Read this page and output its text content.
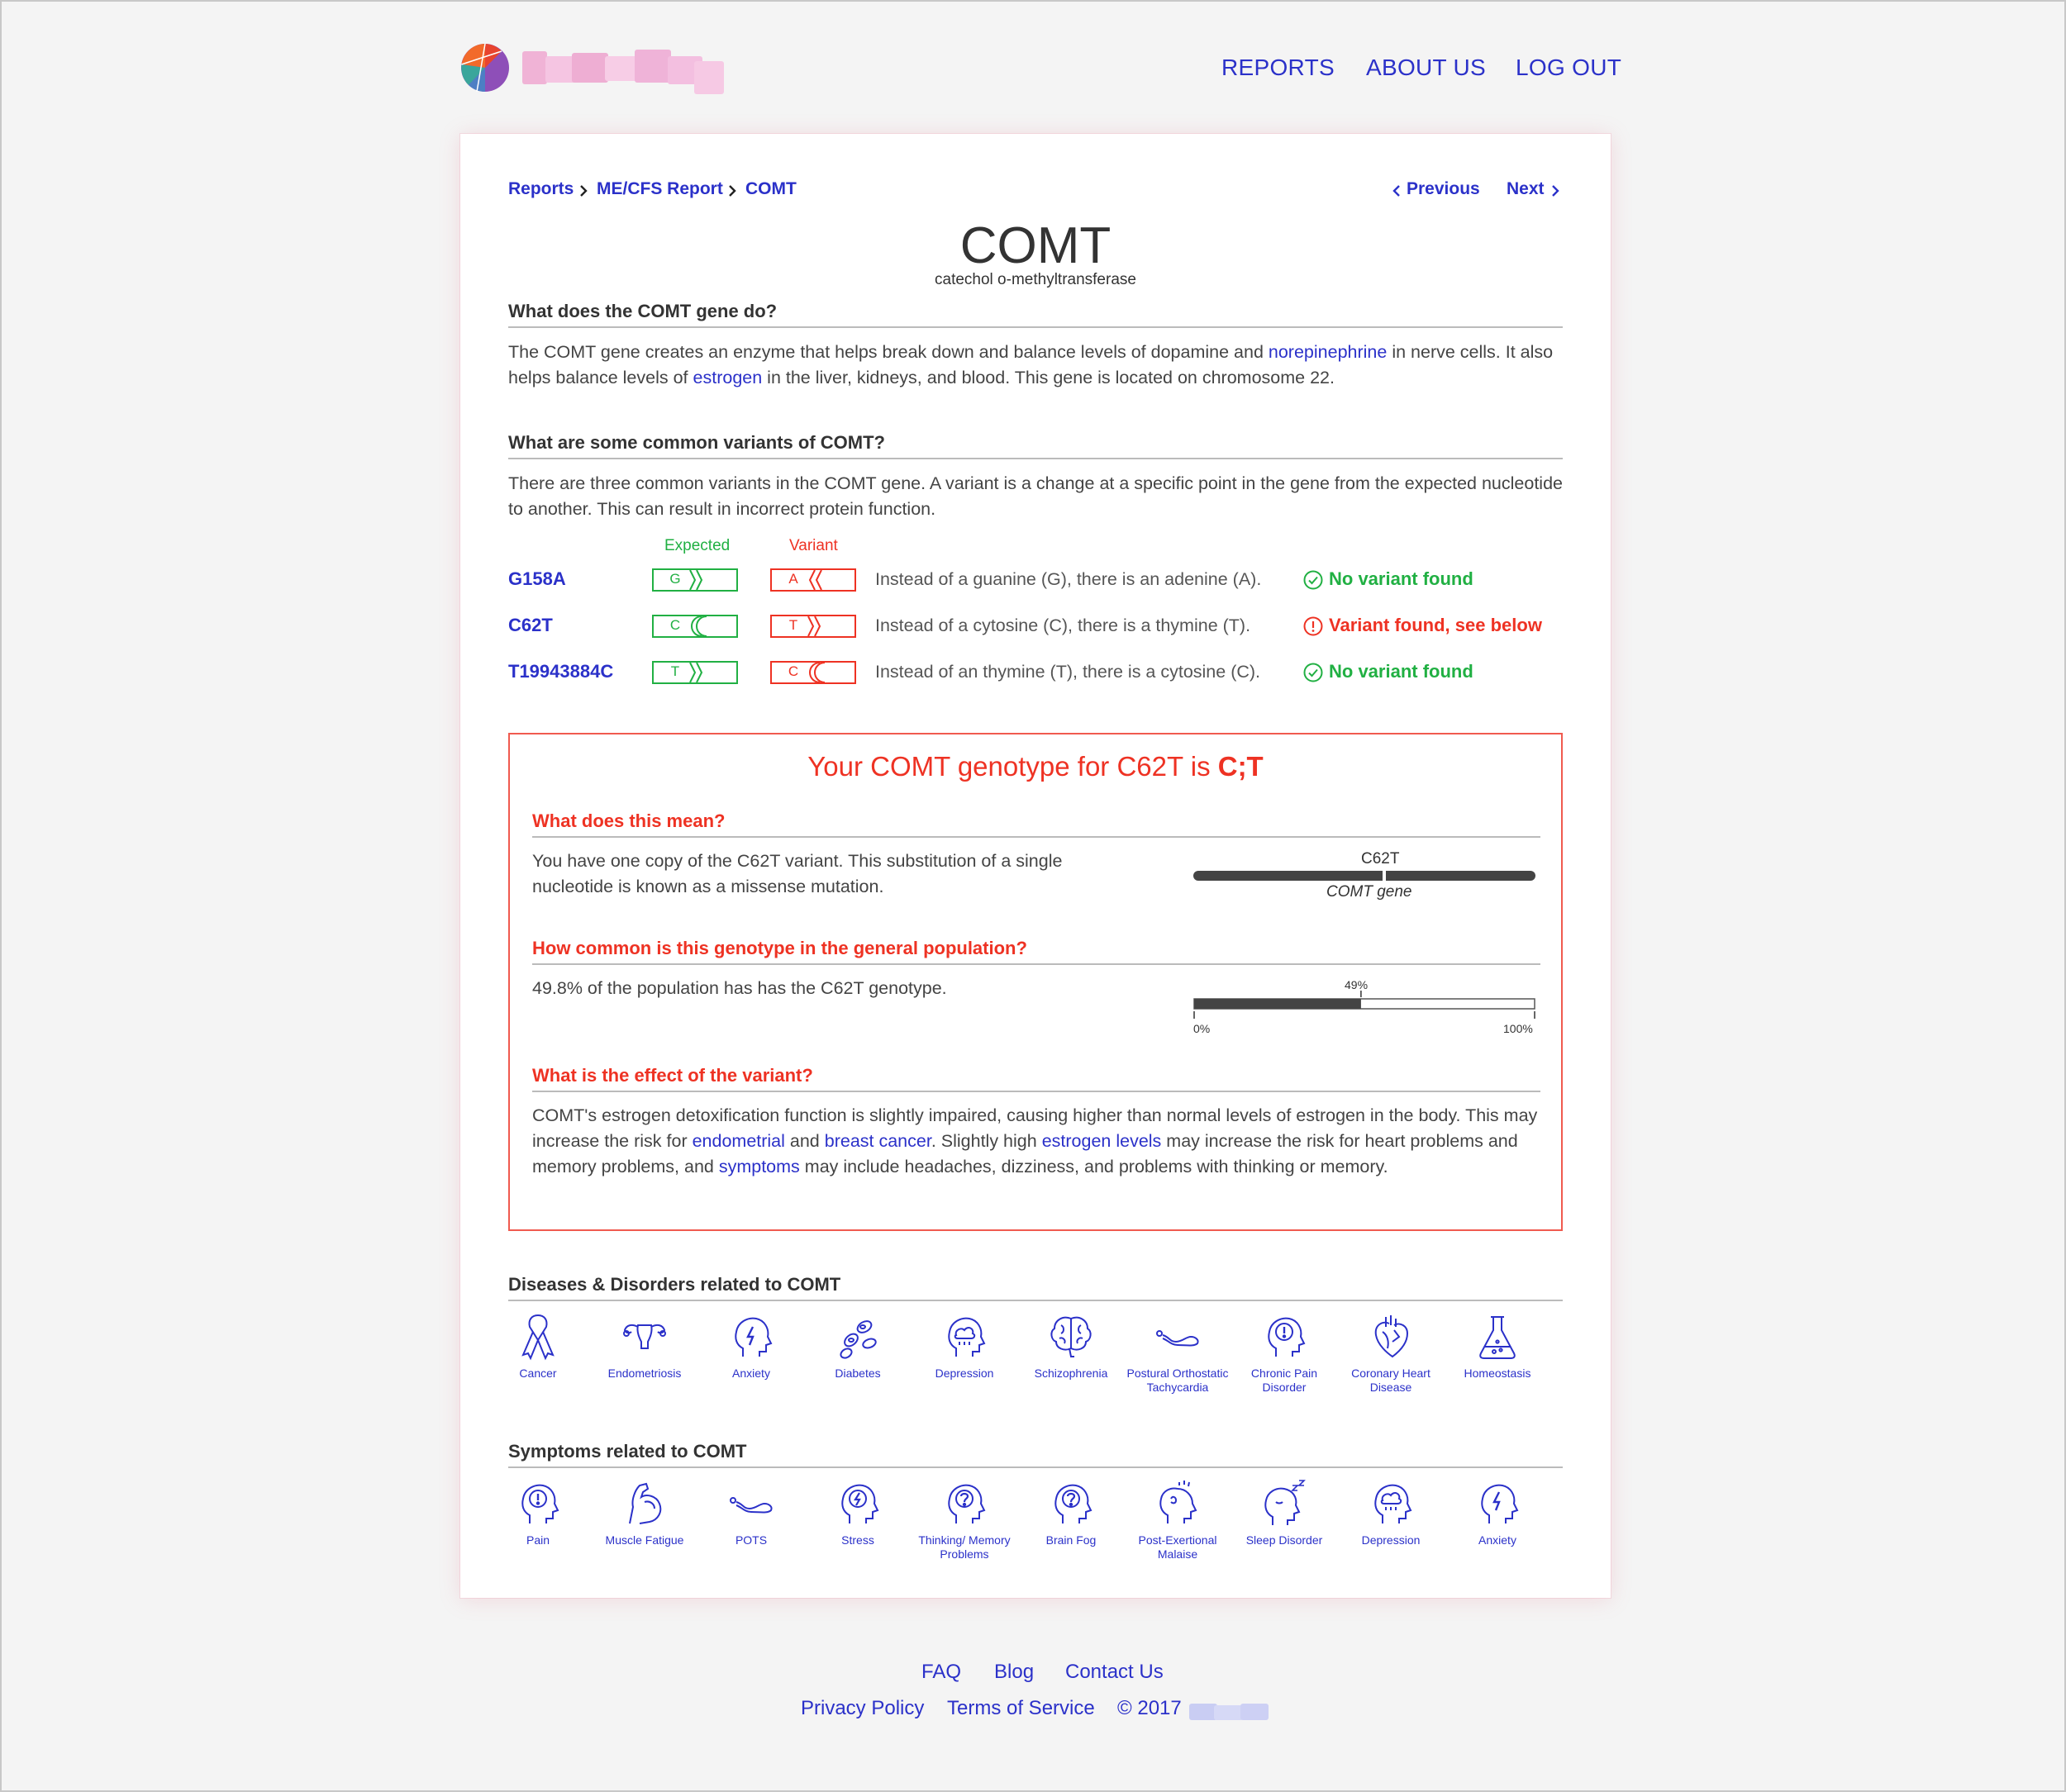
REPORTS ABOUT US LOG OUT
Reports ME/CFS Report COMT	Previous Next
COMT
catechol o-methyltransferase
What does the COMT gene do?

The COMT gene creates an enzyme that helps break down and balance levels of dopamine and norepinephrine in nerve cells. It also helps balance levels of estrogen in the liver, kidneys, and blood. This gene is located on chromosome 22.

What are some common variants of COMT?

There are three common variants in the COMT gene. A variant is a change at a specific point in the gene from the expected nucleotide to another. This can result in incorrect protein function.

Expected	Variant
G158A	G	A	Instead of a guanine (G), there is an adenine (A).	No variant found
C62T	C	T	Instead of a cytosine (C), there is a thymine (T).	Variant found, see below
T19943884C	T	C	Instead of an thymine (T), there is a cytosine (C).	No variant found
Your COMT genotype for C62T is C;T
What does this mean?

You have one copy of the C62T variant. This substitution of a single nucleotide is known as a missense mutation.

C62T
COMT gene
How common is this genotype in the general population?

49.8% of the population has has the C62T genotype.	49%
0%	100%
What is the effect of the variant?

COMT's estrogen detoxification function is slightly impaired, causing higher than normal levels of estrogen in the body. This may increase the risk for endometrial and breast cancer. Slightly high estrogen levels may increase the risk for heart problems and memory problems, and symptoms may include headaches, dizziness, and problems with thinking or memory.

Diseases & Disorders related to COMT
Cancer	Endometriosis	Anxiety	Diabetes	Depression	Schizophrenia	Postural Orthostatic Tachycardia
Chronic Pain Disorder
Coronary Heart Disease
Homeostasis
Symptoms related to COMT
Pain	Muscle Fatigue	POTS	Stress	Thinking/ Memory Problems
Brain Fog	Post-Exertional Malaise
Sleep Disorder	Depression	Anxiety
FAQ Blog Contact Us
Privacy Policy Terms of Service © 2017
